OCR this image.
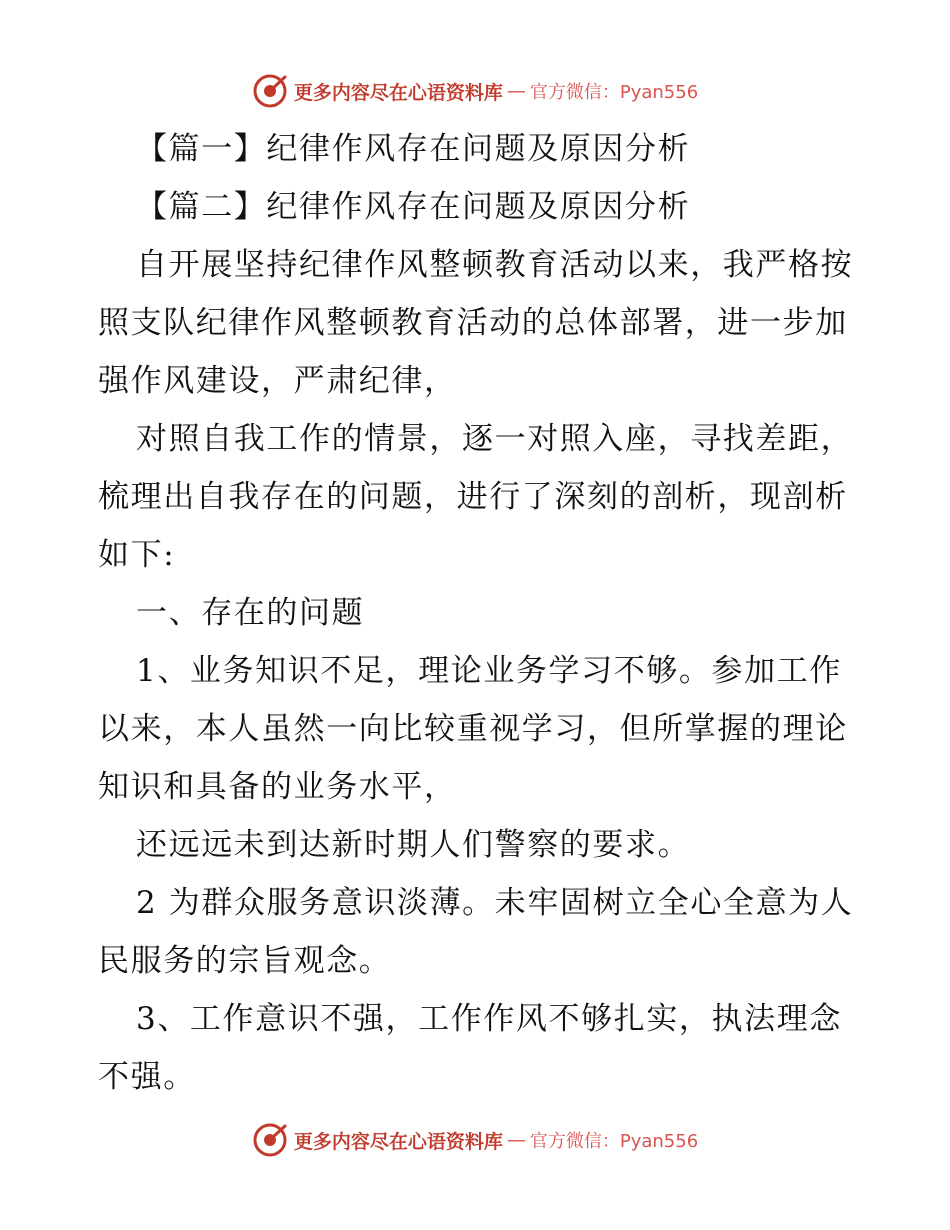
更多内容尽在心语资料库 — 官方微信：Pyan556

【篇一】纪律作风存在问题及原因分析

【篇二】纪律作风存在问题及原因分析

自开展坚持纪律作风整顿教育活动以来，我严格按照支队纪律作风整顿教育活动的总体部署，进一步加强作风建设，严肃纪律，

对照自我工作的情景，逐一对照入座，寻找差距，梳理出自我存在的问题，进行了深刻的剖析，现剖析如下:

一、存在的问题

1、业务知识不足，理论业务学习不够。参加工作以来，本人虽然一向比较重视学习，但所掌握的理论知识和具备的业务水平，

还远远未到达新时期人们警察的要求。

2 为群众服务意识淡薄。未牢固树立全心全意为人民服务的宗旨观念。

3、工作意识不强，工作作风不够扎实，执法理念不强。

更多内容尽在心语资料库 — 官方微信：Pyan556
